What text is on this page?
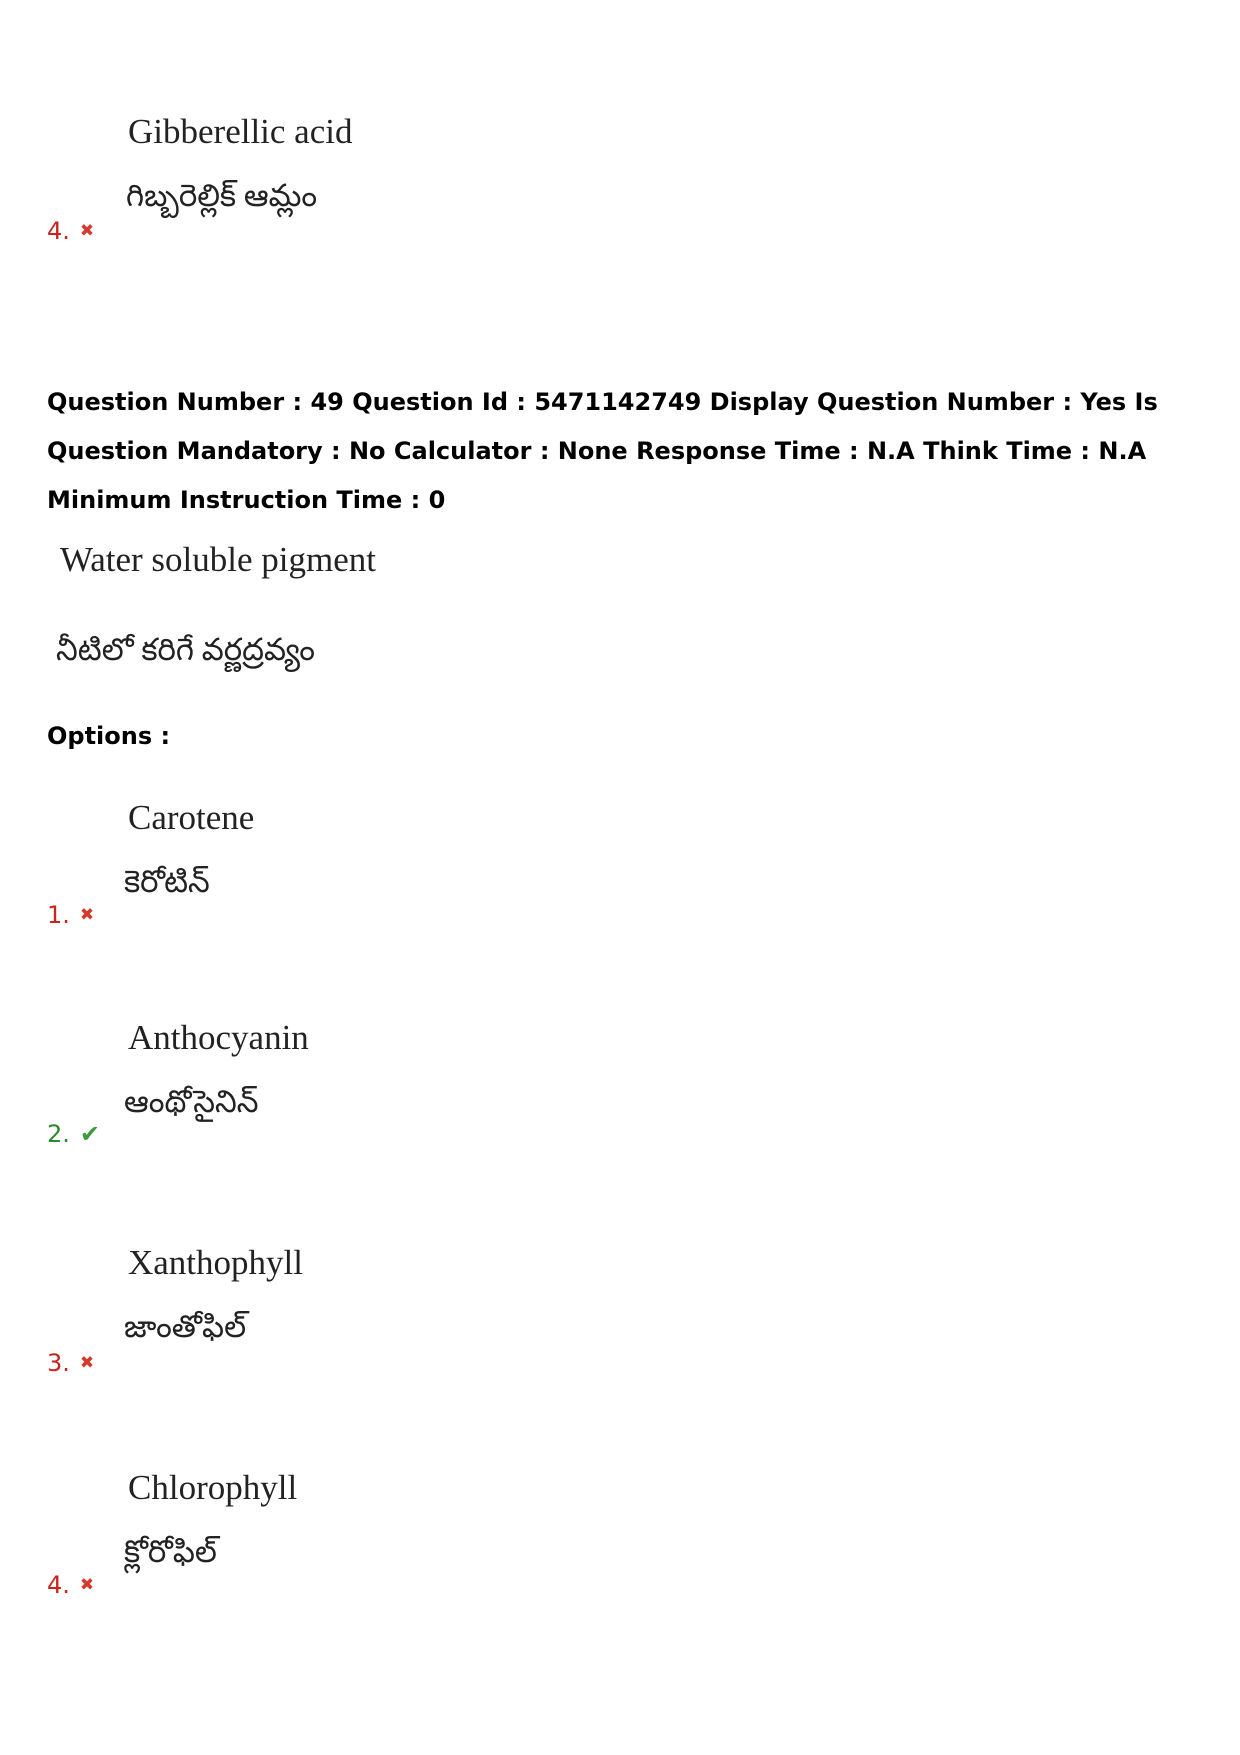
Gibberellic acid
గిబ్బరెల్లిక్ ఆమ్లం
4. ✖
Question Number : 49 Question Id : 5471142749 Display Question Number : Yes Is Question Mandatory : No Calculator : None Response Time : N.A Think Time : N.A Minimum Instruction Time : 0
Water soluble pigment
నీటిలో కరిగే వర్ణద్రవ్యం
Options :
Carotene
కెరోటిన్
1. ✖
Anthocyanin
ఆంథోసైనిన్
2. ✔
Xanthophyll
జాంతోఫిల్
3. ✖
Chlorophyll
క్లోరోఫిల్
4. ✖
